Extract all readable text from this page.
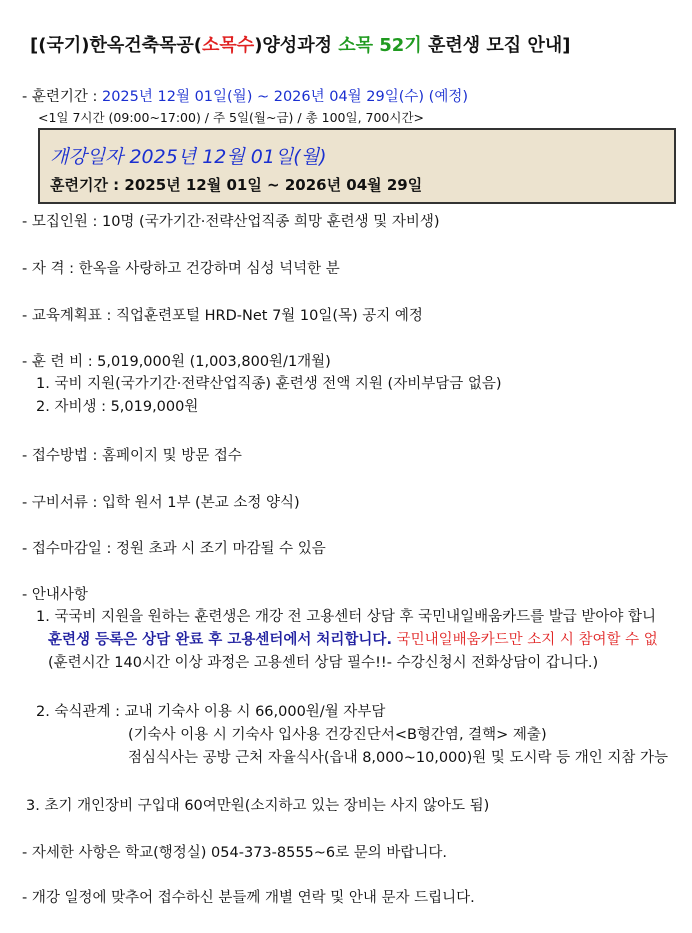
[(국기)한옥건축목공(소목수)양성과정 소목 52기 훈련생 모집 안내]
- 훈련기간 : 2025년 12월 01일(월) ~ 2026년 04월 29일(수) (예정)
<1일 7시간 (09:00~17:00) / 주 5일(월~금) / 총 100일, 700시간>
개강일자 2025년 12월 01일(월)
훈련기간 : 2025년 12월 01일 ~ 2026년 04월 29일
- 모집인원 : 10명 (국가기간·전략산업직종 희망 훈련생 및 자비생)
- 자 격 : 한옥을 사랑하고 건강하며 심성 넉넉한 분
- 교육계획표 : 직업훈련포털 HRD-Net 7월 10일(목) 공지 예정
- 훈 련 비 : 5,019,000원 (1,003,800원/1개월)
1. 국비 지원(국가기간·전략산업직종) 훈련생 전액 지원 (자비부담금 없음)
2. 자비생 : 5,019,000원
- 접수방법 : 홈페이지 및 방문 접수
- 구비서류 : 입학 원서 1부 (본교 소정 양식)
- 접수마감일 : 정원 초과 시 조기 마감될 수 있음
- 안내사항
1. 국국비 지원을 원하는 훈련생은 개강 전 고용센터 상담 후 국민내일배움카드를 발급 받아야 합니
훈련생 등록은 상담 완료 후 고용센터에서 처리합니다. 국민내일배움카드만 소지 시 참여할 수 없
(훈련시간 140시간 이상 과정은 고용센터 상담 필수!!- 수강신청시 전화상담이 갑니다.)
2. 숙식관계 : 교내 기숙사 이용 시 66,000원/월 자부담
(기숙사 이용 시 기숙사 입사용 건강진단서<B형간염, 결핵> 제출)
점심식사는 공방 근처 자율식사(읍내 8,000~10,000)원 및 도시락 등 개인 지참 가능
3. 초기 개인장비 구입대 60여만원(소지하고 있는 장비는 사지 않아도 됨)
- 자세한 사항은 학교(행정실) 054-373-8555~6로 문의 바랍니다.
- 개강 일정에 맞추어 접수하신 분들께 개별 연락 및 안내 문자 드립니다.
